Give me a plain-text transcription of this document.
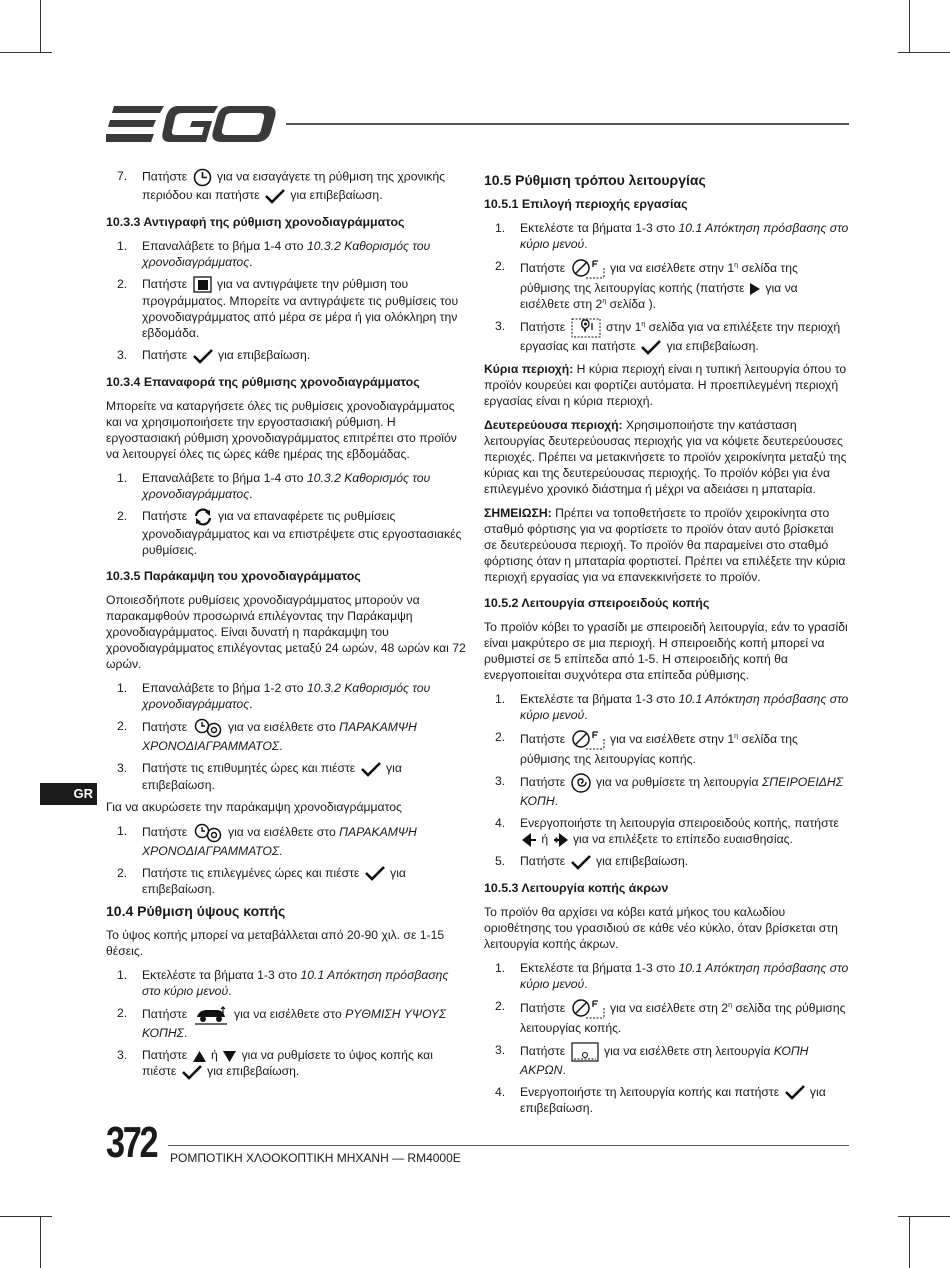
7. Πατήστε για να εισαγάγετε τη ρύθμιση της χρονικής περιόδου και πατήστε	για επιβεβαίωση.
10.3.3 Αντιγραφή της ρύθμιση χρονοδιαγράμματος
1. Επαναλάβετε το βήμα 1-4 στο 10.3.2 Καθορισμός του χρονοδιαγράμματος.
2. Πατήστε για να αντιγράψετε την ρύθμιση του προγράμματος. Μπορείτε να αντιγράψετε τις ρυθμίσεις του χρονοδιαγράμματος από μέρα σε μέρα ή για ολόκληρη την εβδομάδα.
3. Πατήστε	για επιβεβαίωση.
10.3.4 Επαναφορά της ρύθμισης χρονοδιαγράμματος
Μπορείτε να καταργήσετε όλες τις ρυθμίσεις χρονοδιαγράμματος και να χρησιμοποιήσετε την εργοστασιακή ρύθμιση. Η εργοστασιακή ρύθμιση χρονοδιαγράμματος επιτρέπει στο προϊόν να λειτουργεί όλες τις ώρες κάθε ημέρας της εβδομάδας.
1. Επαναλάβετε το βήμα 1-4 στο 10.3.2 Καθορισμός του χρονοδιαγράμματος.
2. Πατήστε	για να επαναφέρετε τις ρυθμίσεις χρονοδιαγράμματος και να επιστρέψετε στις εργοστασιακές ρυθμίσεις.
10.3.5 Παράκαμψη του χρονοδιαγράμματος
Οποιεσδήποτε ρυθμίσεις χρονοδιαγράμματος μπορούν να παρακαμφθούν προσωρινά επιλέγοντας την Παράκαμψη χρονοδιαγράμματος. Είναι δυνατή η παράκαμψη του χρονοδιαγράμματος επιλέγοντας μεταξύ 24 ωρών, 48 ωρών και 72 ωρών.
1. Επαναλάβετε το βήμα 1-2 στο 10.3.2 Καθορισμός του χρονοδιαγράμματος.
2. Πατήστε	για να εισέλθετε στο ΠΑΡΑΚΑΜΨΗ ΧΡΟΝΟΔΙΑΓΡΑΜΜΑΤΟΣ.
3. Πατήστε τις επιθυμητές ώρες και πιέστε	για επιβεβαίωση.
Για να ακυρώσετε την παράκαμψη χρονοδιαγράμματος
1. Πατήστε	για να εισέλθετε στο ΠΑΡΑΚΑΜΨΗ ΧΡΟΝΟΔΙΑΓΡΑΜΜΑΤΟΣ.
2. Πατήστε τις επιλεγμένες ώρες και πιέστε	για επιβεβαίωση.
10.4 Ρύθμιση ύψους κοπής
Το ύψος κοπής μπορεί να μεταβάλλεται από 20-90 χιλ. σε 1-15 θέσεις.
1. Εκτελέστε τα βήματα 1-3 στο 10.1 Απόκτηση πρόσβασης στο κύριο μενού.
2. Πατήστε	για να εισέλθετε στο ΡΥΘΜΙΣΗ ΥΨΟΥΣ ΚΟΠΗΣ.
3. Πατήστε ή για να ρυθμίσετε το ύψος κοπής και πιέστε	για επιβεβαίωση.
10.5 Ρύθμιση τρόπου λειτουργίας
10.5.1 Επιλογή περιοχής εργασίας
1. Εκτελέστε τα βήματα 1-3 στο 10.1 Απόκτηση πρόσβασης στο κύριο μενού.
2. Πατήστε	για να εισέλθετε στην $1^\eta$ σελίδα της ρύθμισης της λειτουργίας κοπής (πατήστε για να εισέλθετε στη $2^\eta$ σελίδα ).
3. Πατήστε	στην $1^\eta$ σελίδα για να επιλέξετε την περιοχή εργασίας και πατήστε	για επιβεβαίωση.
Κύρια περιοχή: Η κύρια περιοχή είναι η τυπική λειτουργία όπου το προϊόν κουρεύει και φορτίζει αυτόματα. Η προεπιλεγμένη περιοχή εργασίας είναι η κύρια περιοχή.
Δευτερεύουσα περιοχή: Χρησιμοποιήστε την κατάσταση λειτουργίας δευτερεύουσας περιοχής για να κόψετε δευτερεύουσες περιοχές. Πρέπει να μετακινήσετε το προϊόν χειροκίνητα μεταξύ της κύριας και της δευτερεύουσας περιοχής. Το προϊόν κόβει για ένα επιλεγμένο χρονικό διάστημα ή μέχρι να αδειάσει η μπαταρία.
ΣΗΜΕΙΩΣΗ: Πρέπει να τοποθετήσετε το προϊόν χειροκίνητα στο σταθμό φόρτισης για να φορτίσετε το προϊόν όταν αυτό βρίσκεται σε δευτερεύουσα περιοχή. Το προϊόν θα παραμείνει στο σταθμό φόρτισης όταν η μπαταρία φορτιστεί. Πρέπει να επιλέξετε την κύρια περιοχή εργασίας για να επανεκκινήσετε το προϊόν.
10.5.2 Λειτουργία σπειροειδούς κοπής
Το προϊόν κόβει το γρασίδι με σπειροειδή λειτουργία, εάν το γρασίδι είναι μακρύτερο σε μια περιοχή. Η σπειροειδής κοπή μπορεί να ρυθμιστεί σε 5 επίπεδα από 1-5. Η σπειροειδής κοπή θα ενεργοποιείται συχνότερα στα επίπεδα ρύθμισης.
1. Εκτελέστε τα βήματα 1-3 στο 10.1 Απόκτηση πρόσβασης στο κύριο μενού.
2. Πατήστε	για να εισέλθετε στην $1^\eta$ σελίδα της ρύθμισης της λειτουργίας κοπής.
3. Πατήστε	για να ρυθμίσετε τη λειτουργία ΣΠΕΙΡΟΕΙΔΗΣ ΚΟΠΗ.
4. Ενεργοποιήστε τη λειτουργία σπειροειδούς κοπής, πατήστε  ή για να επιλέξετε το επίπεδο ευαισθησίας.
5. Πατήστε	για επιβεβαίωση.
10.5.3 Λειτουργία κοπής άκρων
Το προϊόν θα αρχίσει να κόβει κατά μήκος του καλωδίου οριοθέτησης του γρασιδιού σε κάθε νέο κύκλο, όταν βρίσκεται στη λειτουργία κοπής άκρων.
1. Εκτελέστε τα βήματα 1-3 στο 10.1 Απόκτηση πρόσβασης στο κύριο μενού.
2. Πατήστε	για να εισέλθετε στη $2^\eta$ σελίδα της ρύθμισης λειτουργίας κοπής.
3. Πατήστε	για να εισέλθετε στη λειτουργία ΚΟΠΗ ΑΚΡΩΝ.
4. Ενεργοποιήστε τη λειτουργία κοπής και πατήστε	για επιβεβαίωση.
GR
372 ΡΟΜΠΟΤΙΚΗ ΧΛΟΟΚΟΠΤΙΚΗ ΜΗΧΑΝΗ — RM4000E
